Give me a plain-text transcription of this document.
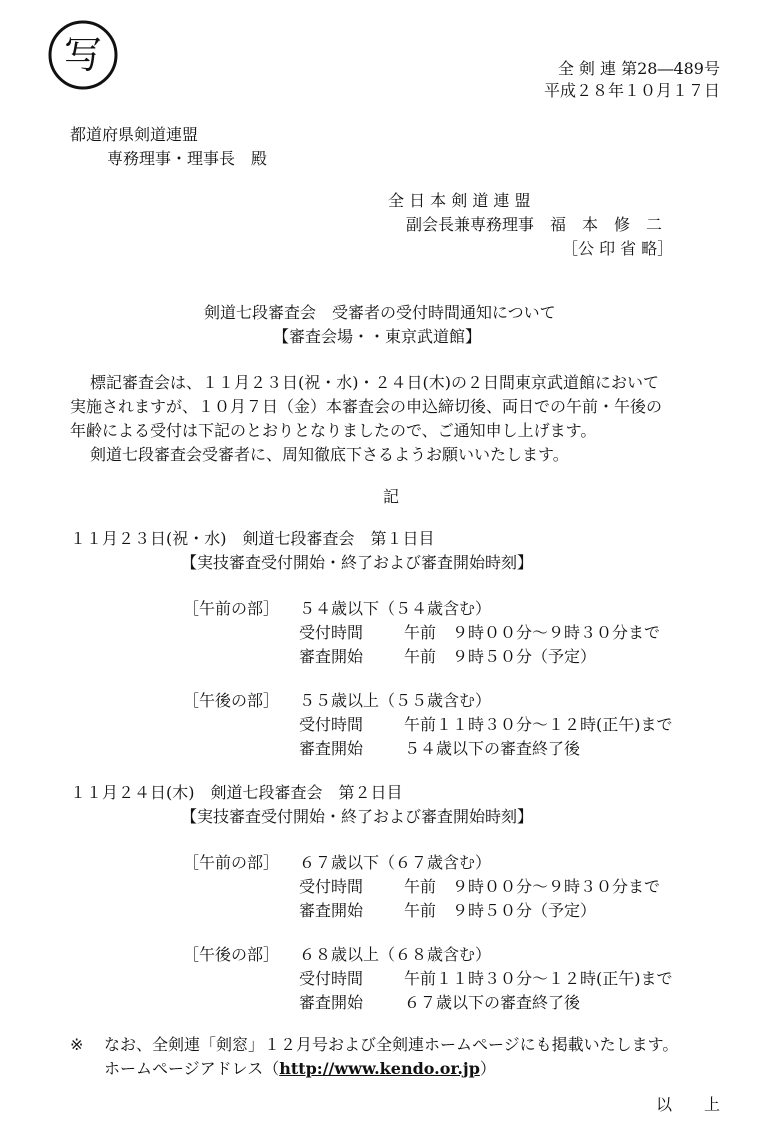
写	全 剣 連 第28―489号
平成２８年１０月１７日
都道府県剣道連盟
専務理事・理事長　殿
全 日 本 剣 道 連 盟
副会長兼専務理事　福　本　修　二
［公 印 省 略］
剣道七段審査会　受審者の受付時間通知について
【審査会場・・東京武道館】
標記審査会は、１１月２３日(祝・水)・２４日(木)の２日間東京武道館において
実施されますが、１０月７日（金）本審査会の申込締切後、両日での午前・午後の
年齢による受付は下記のとおりとなりましたので、ご通知申し上げます。
剣道七段審査会受審者に、周知徹底下さるようお願いいたします。
記
１１月２３日(祝・水)　剣道七段審査会　第１日目
【実技審査受付開始・終了および審査開始時刻】
［午前の部］ ５４歳以下（５４歳含む）
受付時間	午前　９時００分～９時３０分まで
審査開始	午前　９時５０分（予定）
［午後の部］ ５５歳以上（５５歳含む）
受付時間	午前１１時３０分～１２時(正午)まで
審査開始	５４歳以下の審査終了後
１１月２４日(木)　剣道七段審査会　第２日目
【実技審査受付開始・終了および審査開始時刻】
［午前の部］ ６７歳以下（６７歳含む）
受付時間	午前　９時００分～９時３０分まで
審査開始	午前　９時５０分（予定）
［午後の部］ ６８歳以上（６８歳含む）
受付時間	午前１１時３０分～１２時(正午)まで
審査開始	６７歳以下の審査終了後
※ なお、全剣連「剣窓」１２月号および全剣連ホームページにも掲載いたします。
ホームページアドレス（http://www.kendo.or.jp）
以　　上
